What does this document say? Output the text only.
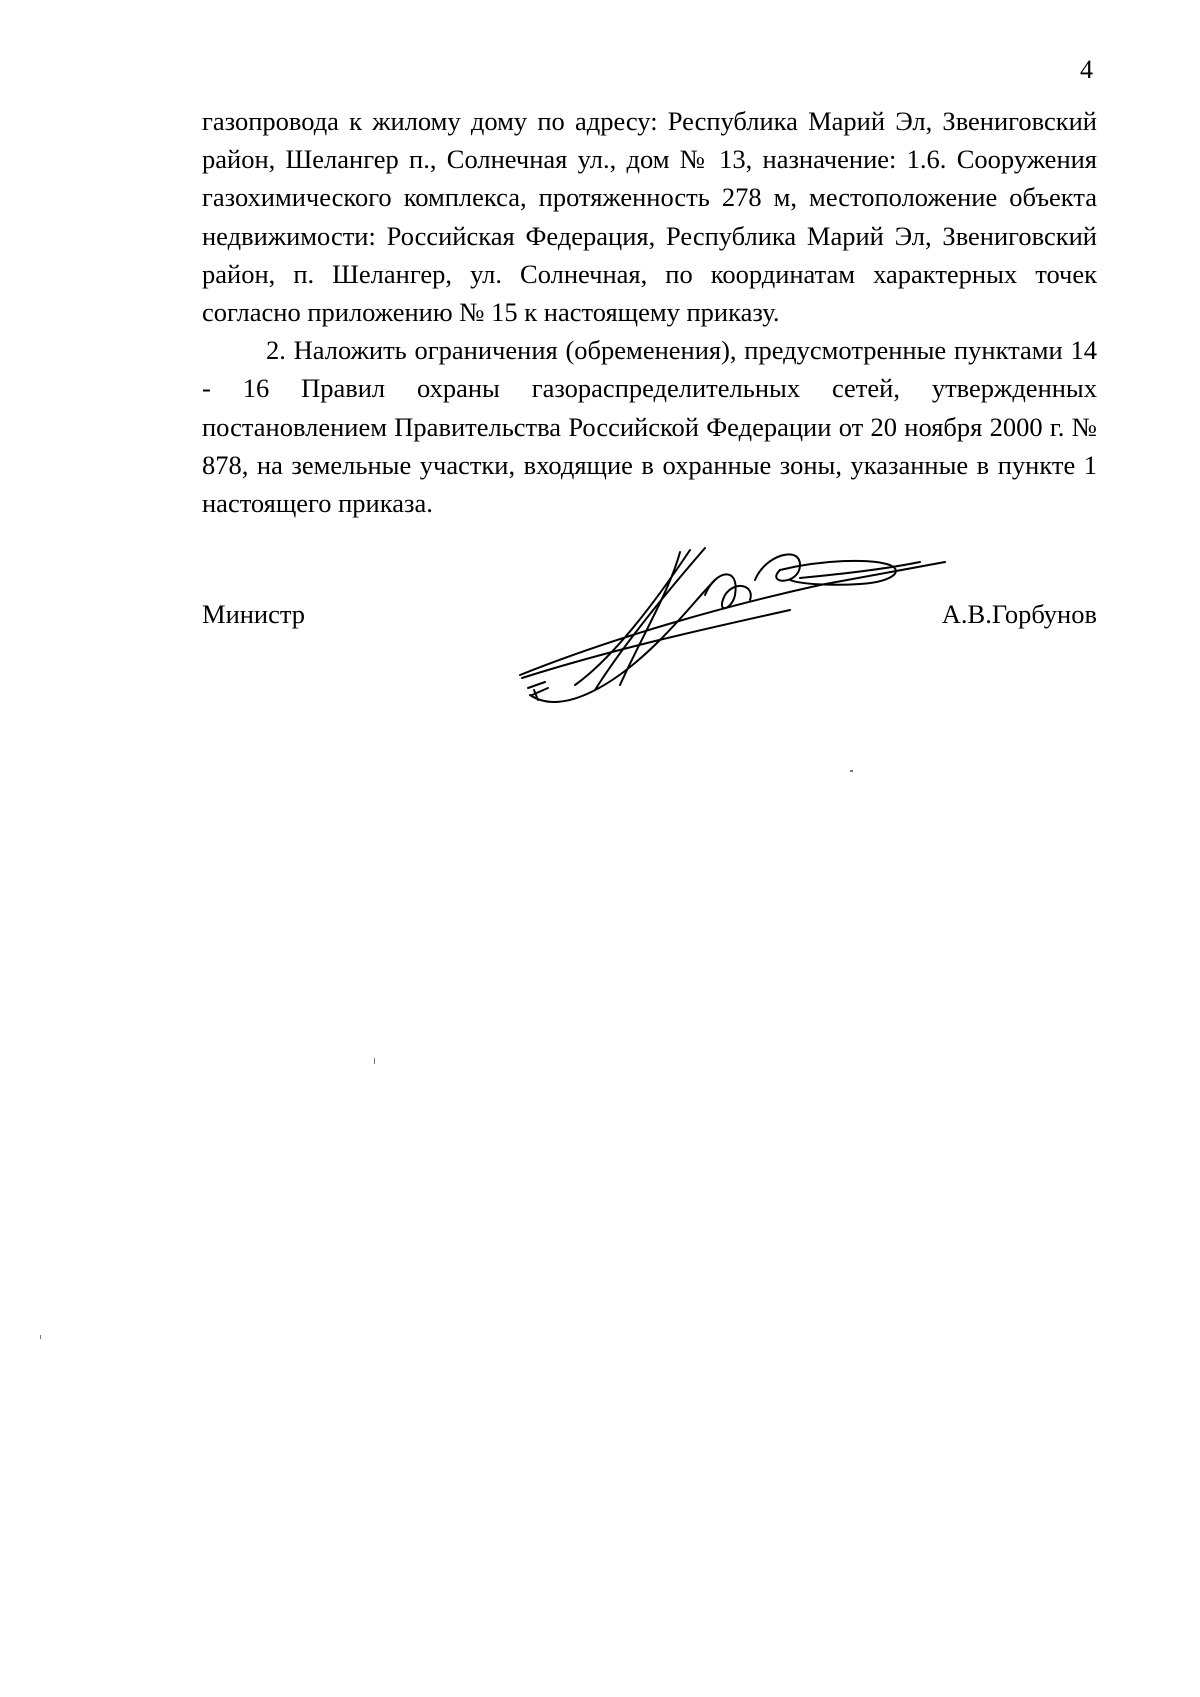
4

газопровода к жилому дому по адресу: Республика Марий Эл, Звениговский район, Шелангер п., Солнечная ул., дом № 13, назначение: 1.6. Сооружения газохимического комплекса, протяженность 278 м, местоположение объекта недвижимости: Российская Федерация, Республика Марий Эл, Звениговский район, п. Шелангер, ул. Солнечная, по координатам характерных точек согласно приложению № 15 к настоящему приказу.

2. Наложить ограничения (обременения), предусмотренные пунктами 14 - 16 Правил охраны газораспределительных сетей, утвержденных постановлением Правительства Российской Федерации от 20 ноября 2000 г. № 878, на земельные участки, входящие в охранные зоны, указанные в пункте 1 настоящего приказа.

Министр	А.В.Горбунов
